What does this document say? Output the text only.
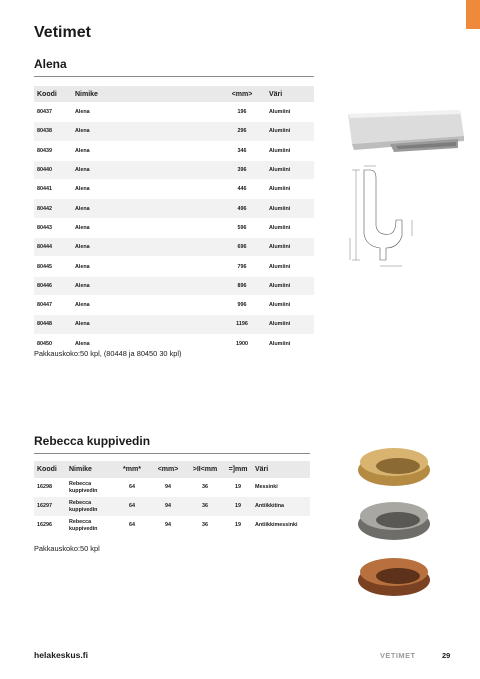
Vetimet
Alena
Koodi	Nimike	<mm>	Väri
80437	Alena	196	Alumiini
80438	Alena	296	Alumiini
80439	Alena	346	Alumiini
80440	Alena	396	Alumiini
80441	Alena	446	Alumiini
80442	Alena	496	Alumiini
80443	Alena	596	Alumiini
80444	Alena	696	Alumiini
80445	Alena	796	Alumiini
80446	Alena	896	Alumiini
80447	Alena	996	Alumiini
80448	Alena	1196	Alumiini
80450	Alena	1900	Alumiini
Pakkauskoko:50 kpl, (80448 ja 80450 30 kpl)
Rebecca kuppivedin
Koodi	Nimike	*mm*	<mm>	>II<mm	=]mm	Väri
16298	Rebecca kuppivedin	64	94	36	19	Messinki
16297	Rebecca kuppivedin	64	94	36	19	Antiikkitina
16296	Rebecca kuppivedin	64	94	36	19	Antiikkimessinki
Pakkauskoko:50 kpl
helakeskus.fi	VETIMET	29
